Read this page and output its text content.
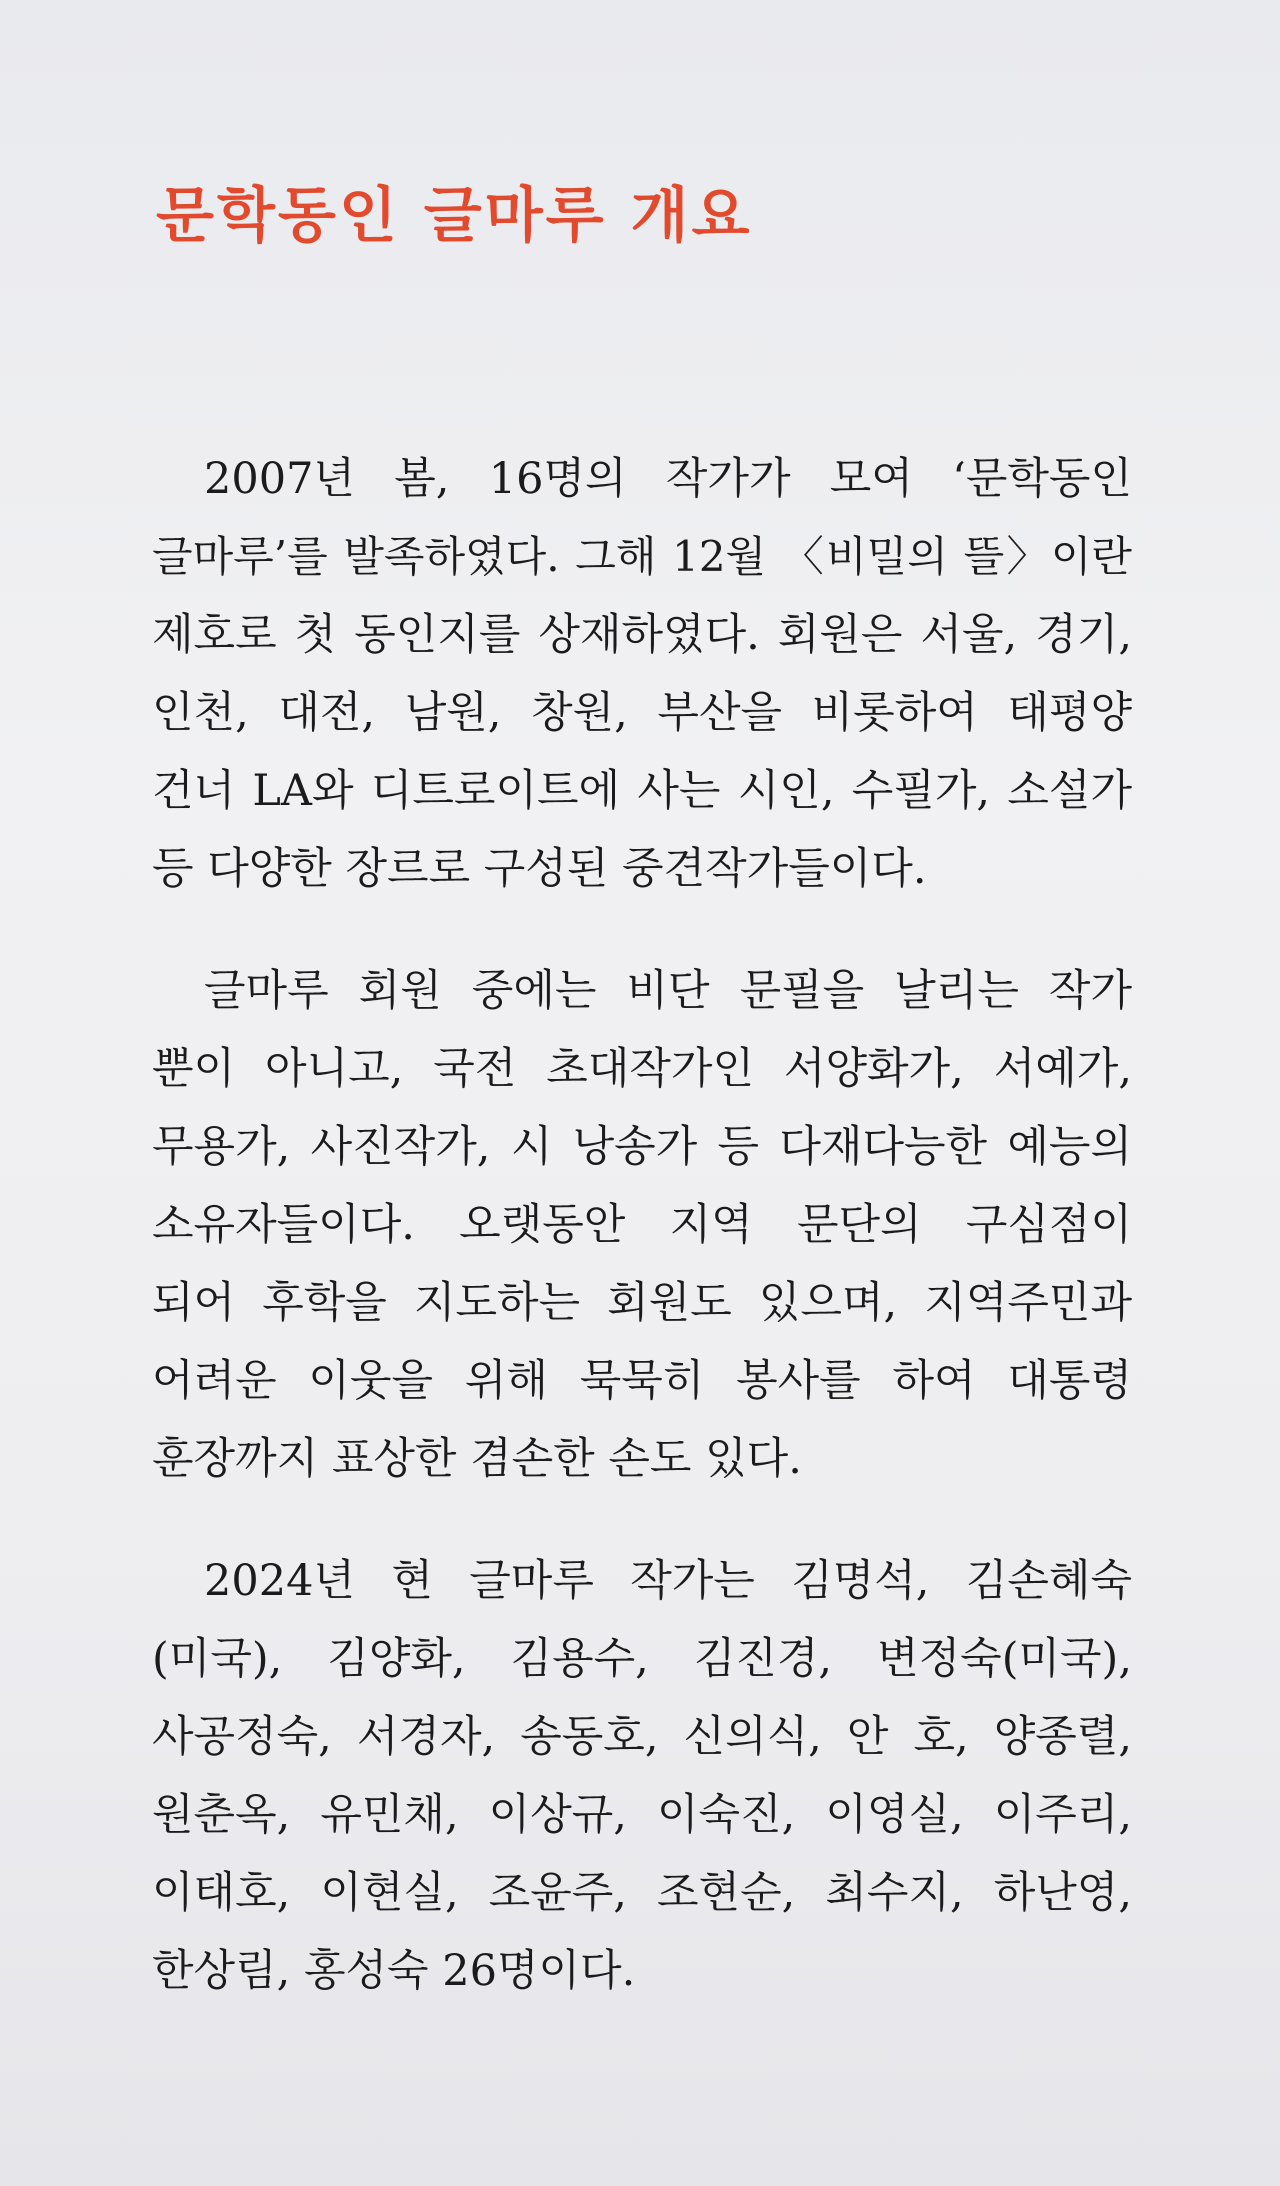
문학동인 글마루 개요

2007년 봄, 16명의 작가가 모여 ‘문학동인
글마루’를 발족하였다. 그해 12월 〈비밀의 뜰〉이란
제호로 첫 동인지를 상재하였다. 회원은 서울, 경기,
인천, 대전, 남원, 창원, 부산을 비롯하여 태평양
건너 LA와 디트로이트에 사는 시인, 수필가, 소설가
등 다양한 장르로 구성된 중견작가들이다.

글마루 회원 중에는 비단 문필을 날리는 작가
뿐이 아니고, 국전 초대작가인 서양화가, 서예가,
무용가, 사진작가, 시 낭송가 등 다재다능한 예능의
소유자들이다. 오랫동안 지역 문단의 구심점이
되어 후학을 지도하는 회원도 있으며, 지역주민과
어려운 이웃을 위해 묵묵히 봉사를 하여 대통령
훈장까지 표상한 겸손한 손도 있다.

2024년 현 글마루 작가는 김명석, 김손혜숙
(미국), 김양화, 김용수, 김진경, 변정숙(미국),
사공정숙, 서경자, 송동호, 신의식, 안 호, 양종렬,
원춘옥, 유민채, 이상규, 이숙진, 이영실, 이주리,
이태호, 이현실, 조윤주, 조현순, 최수지, 하난영,
한상림, 홍성숙 26명이다.
